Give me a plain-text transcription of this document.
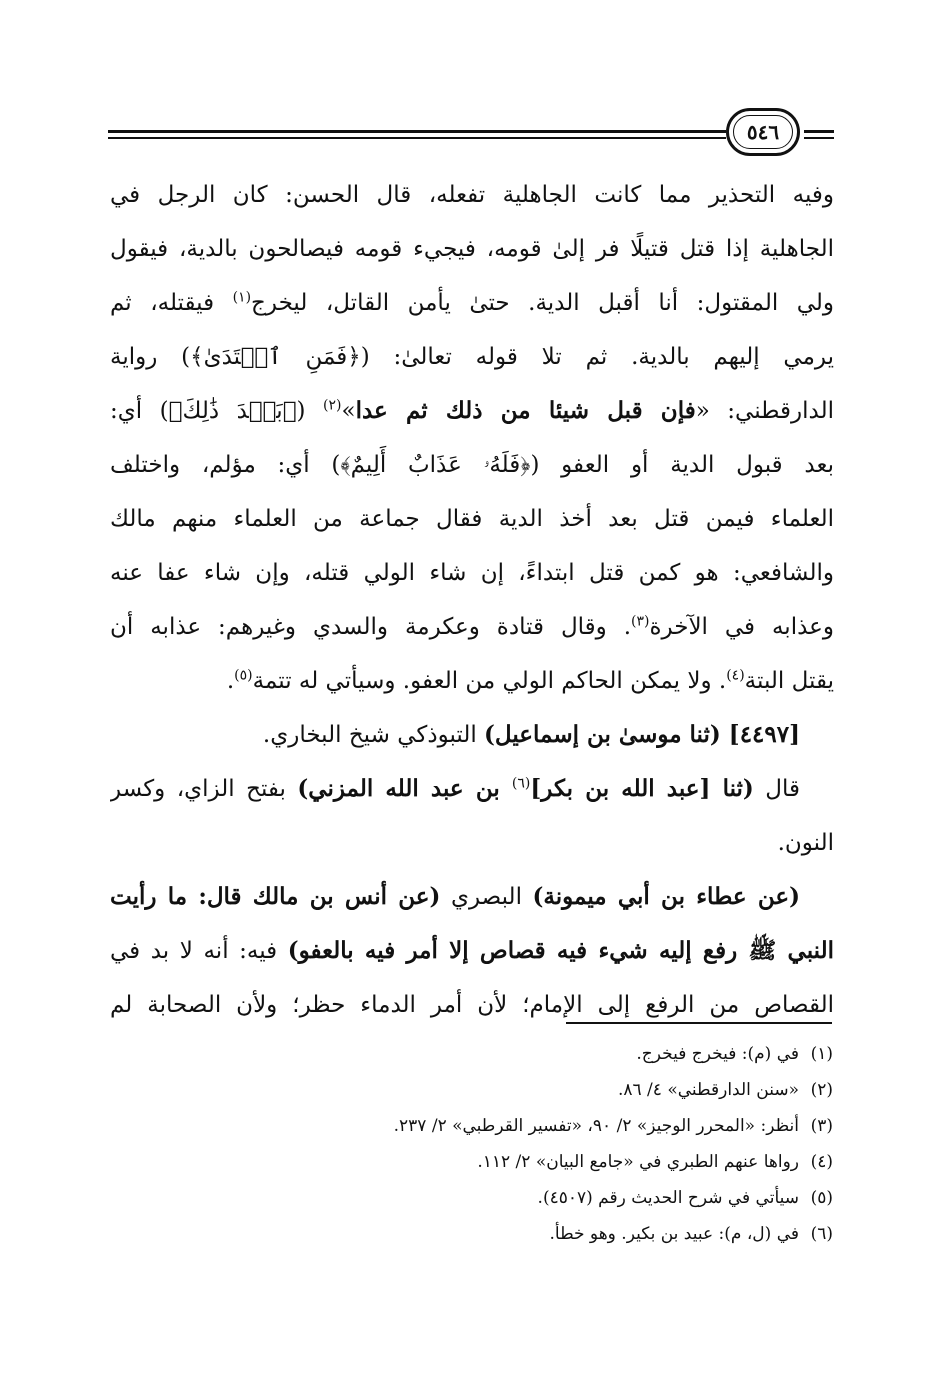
٥٤٦
وفيه التحذير مما كانت الجاهلية تفعله، قال الحسن: كان الرجل في
الجاهلية إذا قتل قتيلًا فر إلىٰ قومه، فيجيء قومه فيصالحون بالدية، فيقول
ولي المقتول: أنا أقبل الدية. حتىٰ يأمن القاتل، ليخرج$^{(١)}$ فيقتله، ثم
يرمي إليهم بالدية. ثم تلا قوله تعالىٰ: (﴿فَمَنِ ٱعۡتَدَىٰ﴾) رواية
الدارقطني: «فإن قبل شيئا من ذلك ثم عدا»$^{(٢)}$ (﴿بَعۡدَ ذَٰلِكَ﴾) أي:
بعد قبول الدية أو العفو (﴿فَلَهُۥ عَذَابٌ أَلِيمٌ﴾) أي: مؤلم، واختلف
العلماء فيمن قتل بعد أخذ الدية فقال جماعة من العلماء منهم مالك
والشافعي: هو كمن قتل ابتداءً، إن شاء الولي قتله، وإن شاء عفا عنه
وعذابه في الآخرة$^{(٣)}$. وقال قتادة وعكرمة والسدي وغيرهم: عذابه أن
يقتل البتة$^{(٤)}$. ولا يمكن الحاكم الولي من العفو. وسيأتي له تتمة$^{(٥)}$.
[٤٤٩٧] (ثنا موسىٰ بن إسماعيل) التبوذكي شيخ البخاري.
قال (ثنا [عبد الله بن بكر]$^{(٦)}$ بن عبد الله المزني) بفتح الزاي، وكسر
النون.
(عن عطاء بن أبي ميمونة) البصري (عن أنس بن مالك قال: ما رأيت
النبي ﷺ رفع إليه شيء فيه قصاص إلا أمر فيه بالعفو) فيه: أنه لا بد في
القصاص من الرفع إلى الإمام؛ لأن أمر الدماء حظر؛ ولأن الصحابة لم
(١)في (م): فيخرج فيخرج.
(٢)«سنن الدارقطني» ٤/ ٨٦.
(٣)أنظر: «المحرر الوجيز» ٢/ ٩٠، «تفسير القرطبي» ٢/ ٢٣٧.
(٤)رواها عنهم الطبري في «جامع البيان» ٢/ ١١٢.
(٥)سيأتي في شرح الحديث رقم (٤٥٠٧).
(٦)في (ل، م): عبيد بن بكير. وهو خطأ.
